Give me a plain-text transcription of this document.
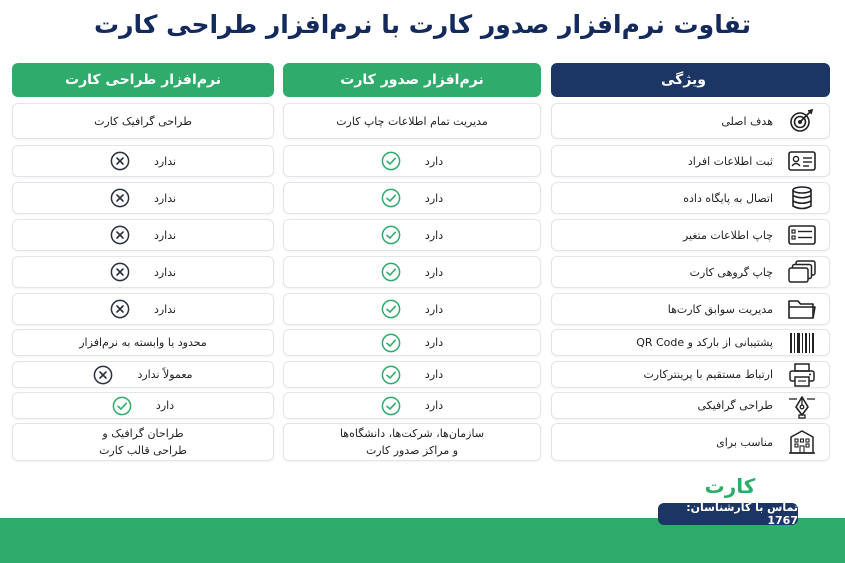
تفاوت نرم‌افزار صدور کارت با نرم‌افزار طراحی کارت
ویژگی
نرم‌افزار صدور کارت
نرم‌افزار طراحی کارت
هدف اصلی
مدیریت تمام اطلاعات چاپ کارت
طراحی گرافیک کارت
ثبت اطلاعات افراد
دارد
ندارد
اتصال به پایگاه داده
دارد
ندارد
چاپ اطلاعات متغیر
دارد
ندارد
چاپ گروهی کارت
دارد
ندارد
مدیریت سوابق کارت‌ها
دارد
ندارد
پشتیبانی از بارکد و QR Code
دارد
محدود یا وابسته به نرم‌افزار
ارتباط مستقیم با پرینترکارت
دارد
معمولاً ندارد
طراحی گرافیکی
دارد
دارد
مناسب برای
سازمان‌ها، شرکت‌ها، دانشگاه‌ها
و مراکز صدور کارت
طراحان گرافیک و
طراحی قالب کارت
کارت
تماس با کارشناسان: 1767
